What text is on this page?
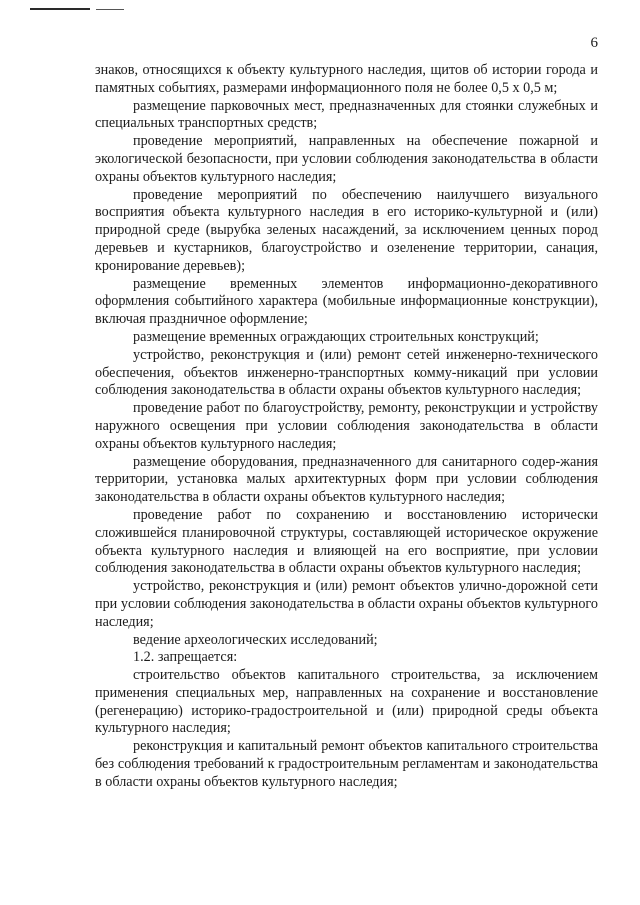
6

знаков, относящихся к объекту культурного наследия, щитов об истории города и памятных событиях, размерами информационного поля не более 0,5 х 0,5 м;

размещение парковочных мест, предназначенных для стоянки служебных и специальных транспортных средств;

проведение мероприятий, направленных на обеспечение пожарной и экологической безопасности, при условии соблюдения законодательства в области охраны объектов культурного наследия;

проведение мероприятий по обеспечению наилучшего визуального восприятия объекта культурного наследия в его историко-культурной и (или) природной среде (вырубка зеленых насаждений, за исключением ценных пород деревьев и кустарников, благоустройство и озеленение территории, санация, кронирование деревьев);

размещение временных элементов информационно-декоративного оформления событийного характера (мобильные информационные конструкции), включая праздничное оформление;

размещение временных ограждающих строительных конструкций;

устройство, реконструкция и (или) ремонт сетей инженерно-технического обеспечения, объектов инженерно-транспортных комму-никаций при условии соблюдения законодательства в области охраны объектов культурного наследия;

проведение работ по благоустройству, ремонту, реконструкции и устройству наружного освещения при условии соблюдения законодательства в области охраны объектов культурного наследия;

размещение оборудования, предназначенного для санитарного содер-жания территории, установка малых архитектурных форм при условии соблюдения законодательства в области охраны объектов культурного наследия;

проведение работ по сохранению и восстановлению исторически сложившейся планировочной структуры, составляющей историческое окружение объекта культурного наследия и влияющей на его восприятие, при условии соблюдения законодательства в области охраны объектов культурного наследия;

устройство, реконструкция и (или) ремонт объектов улично-дорожной сети при условии соблюдения законодательства в области охраны объектов культурного наследия;

ведение археологических исследований;

1.2. запрещается:

строительство объектов капитального строительства, за исключением применения специальных мер, направленных на сохранение и восстановление (регенерацию) историко-градостроительной и (или) природной среды объекта культурного наследия;

реконструкция и капитальный ремонт объектов капитального строительства без соблюдения требований к градостроительным регламентам и законодательства в области охраны объектов культурного наследия;
